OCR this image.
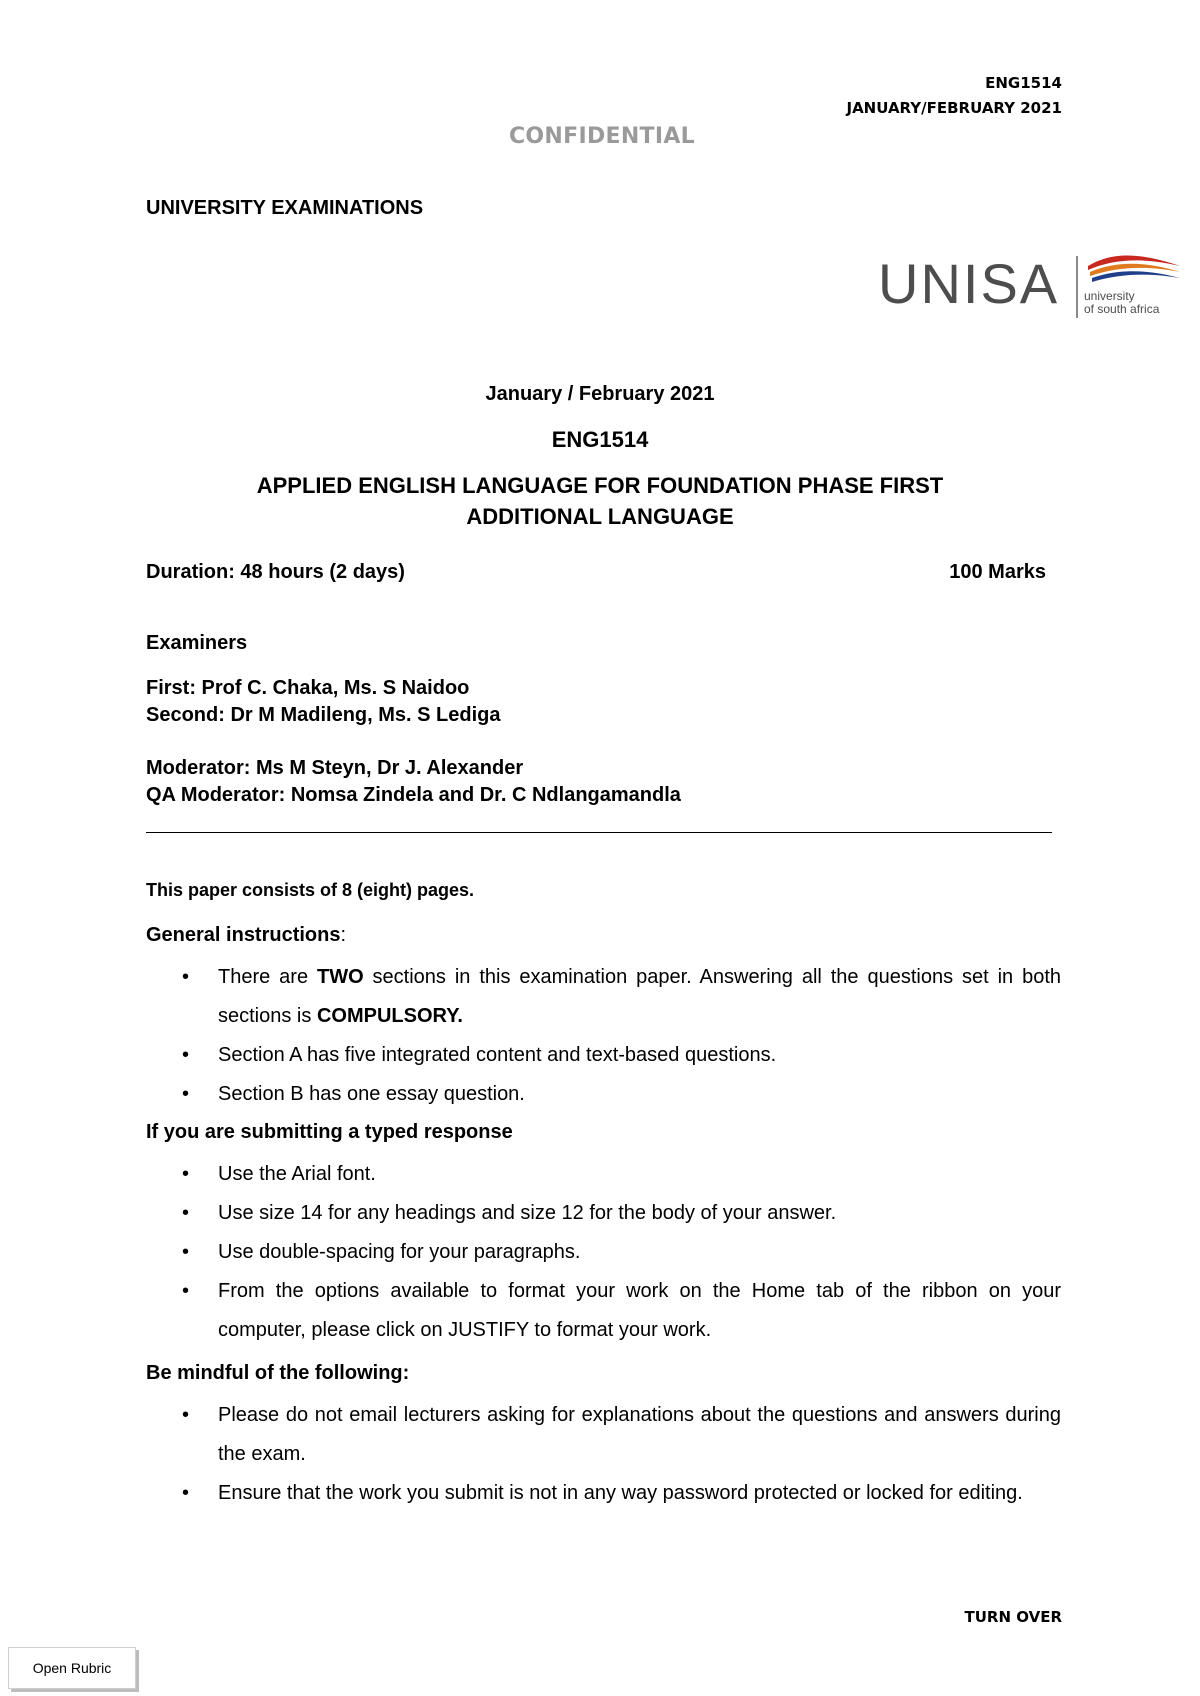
ENG1514
JANUARY/FEBRUARY 2021
CONFIDENTIAL
UNIVERSITY EXAMINATIONS
UNISA university
of south africa
January / February 2021
ENG1514
APPLIED ENGLISH LANGUAGE FOR FOUNDATION PHASE FIRST
ADDITIONAL LANGUAGE
Duration: 48 hours (2 days)	100 Marks
Examiners
First: Prof C. Chaka, Ms. S Naidoo
Second: Dr M Madileng, Ms. S Lediga
Moderator: Ms M Steyn, Dr J. Alexander
QA Moderator: Nomsa Zindela and Dr. C Ndlangamandla
This paper consists of 8 (eight) pages.
General instructions:
• There are TWO sections in this examination paper. Answering all the questions set in both sections is COMPULSORY.
• Section A has five integrated content and text-based questions.
• Section B has one essay question.
If you are submitting a typed response
• Use the Arial font.
• Use size 14 for any headings and size 12 for the body of your answer.
• Use double-spacing for your paragraphs.
• From the options available to format your work on the Home tab of the ribbon on your computer, please click on JUSTIFY to format your work.
Be mindful of the following:
• Please do not email lecturers asking for explanations about the questions and answers during the exam.
• Ensure that the work you submit is not in any way password protected or locked for editing.
TURN OVER
Open Rubric
